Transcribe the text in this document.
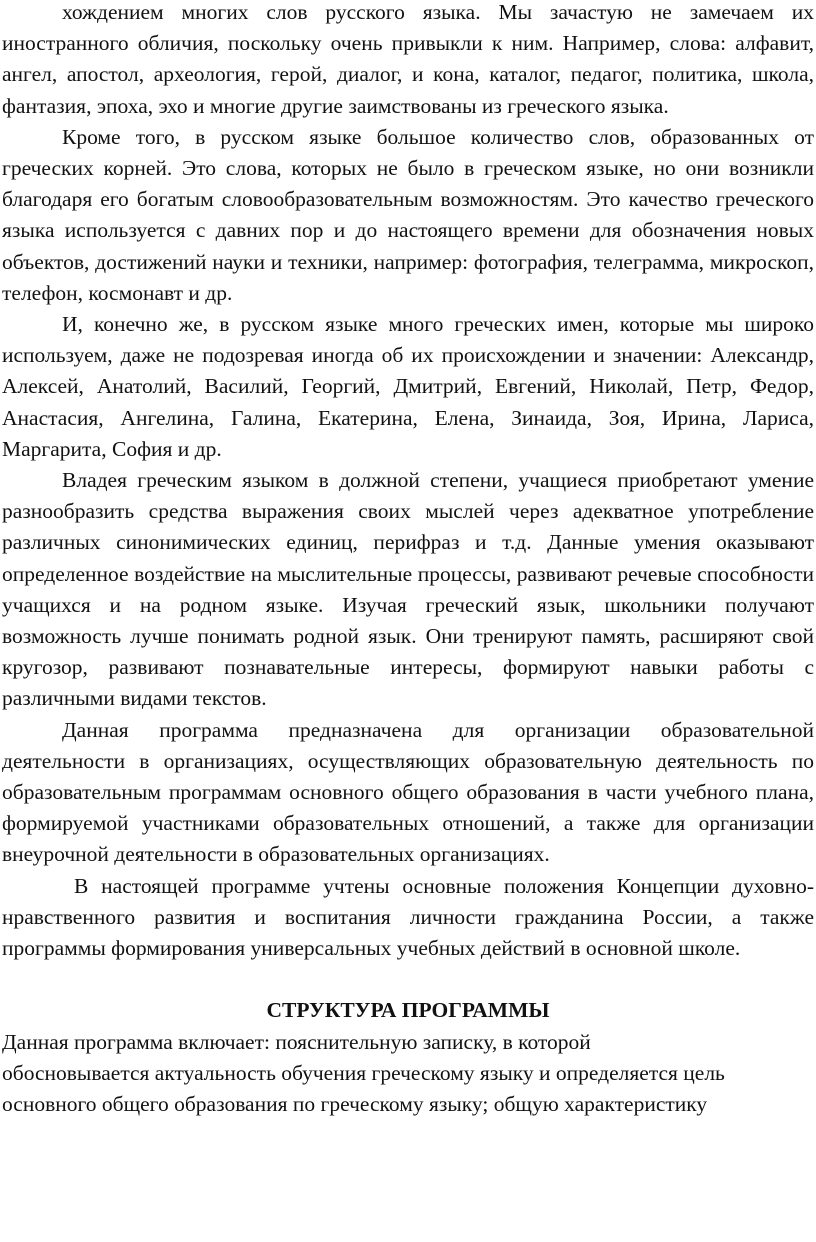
хождением многих слов русского языка. Мы зачастую не замечаем их иностранного обличия, поскольку очень привыкли к ним. Например, слова: алфавит, ангел, апостол, археология, герой, диалог, и кона, каталог, педагог, политика, школа, фантазия, эпоха, эхо и многие другие заимствованы из греческого языка.

Кроме того, в русском языке большое количество слов, образованных от греческих корней. Это слова, которых не было в греческом языке, но они возникли благодаря его богатым словообразовательным возможностям. Это качество греческого языка используется с давних пор и до настоящего времени для обозначения новых объектов, достижений науки и техники, например: фотография, телеграмма, микроскоп, телефон, космонавт и др.

И, конечно же, в русском языке много греческих имен, которые мы широко используем, даже не подозревая иногда об их происхождении и значении: Александр, Алексей, Анатолий, Василий, Георгий, Дмитрий, Евгений, Николай, Петр, Федор, Анастасия, Ангелина, Галина, Екатерина, Елена, Зинаида, Зоя, Ирина, Лариса, Маргарита, София и др.

Владея греческим языком в должной степени, учащиеся приобретают умение разнообразить средства выражения своих мыслей через адекватное употребление различных синонимических единиц, перифраз и т.д. Данные умения оказывают определенное воздействие на мыслительные процессы, развивают речевые способности учащихся и на родном языке. Изучая греческий язык, школьники получают возможность лучше понимать родной язык. Они тренируют память, расширяют свой кругозор, развивают познавательные интересы, формируют навыки работы с различными видами текстов.

Данная программа предназначена для организации образовательной деятельности в организациях, осуществляющих образовательную деятельность по образовательным программам основного общего образования в части учебного плана, формируемой участниками образовательных отношений, а также для организации внеурочной деятельности в образовательных организациях.

В настоящей программе учтены основные положения Концепции духовно-нравственного развития и воспитания личности гражданина России, а также программы формирования универсальных учебных действий в основной школе.

СТРУКТУРА ПРОГРАММЫ

Данная программа включает: пояснительную записку, в которой

обосновывается актуальность обучения греческому языку и определяется цель

основного общего образования по греческому языку; общую характеристику
